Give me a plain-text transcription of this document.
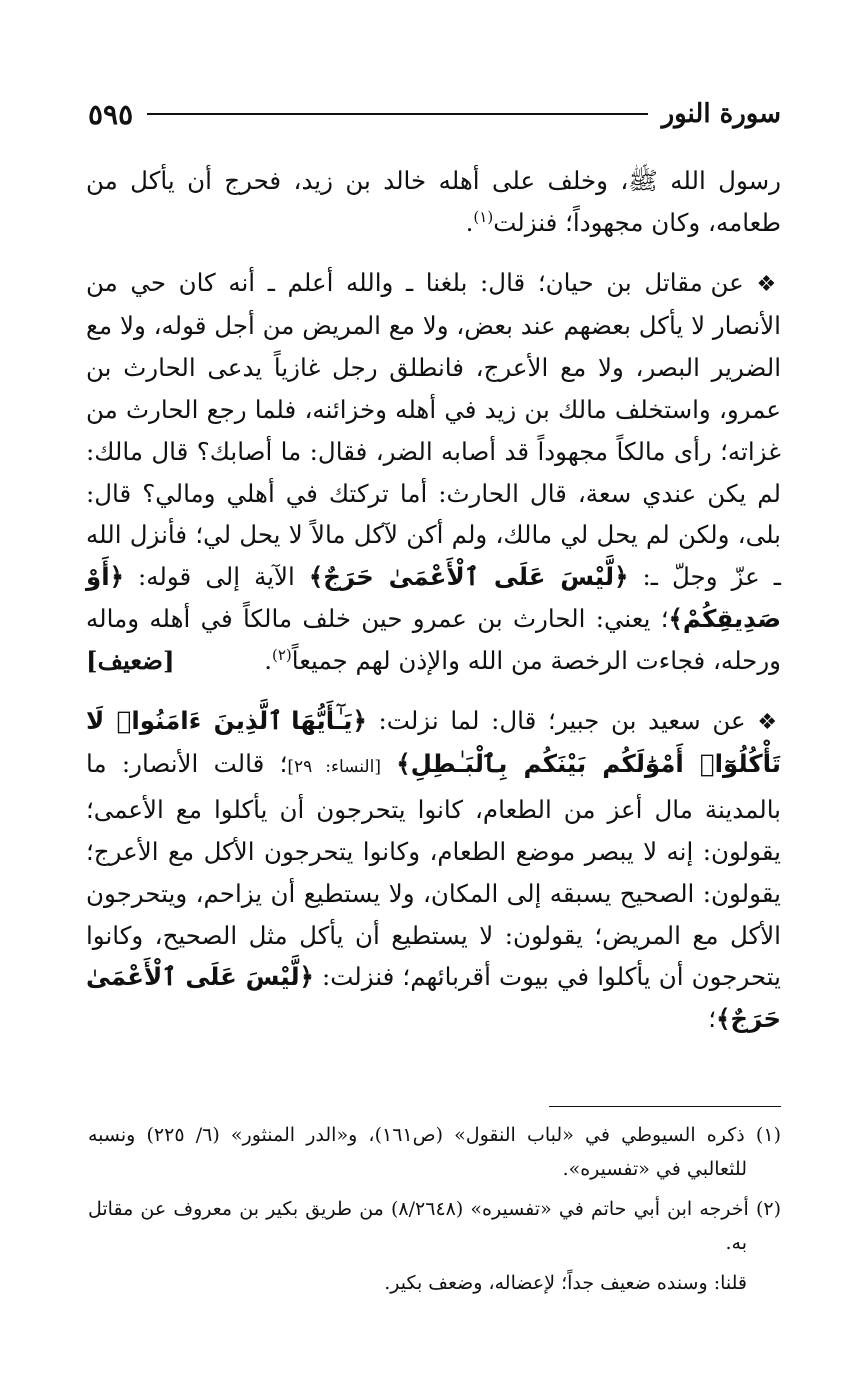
سورة النور
٥٩٥

رسول الله ﷺ، وخلف على أهله خالد بن زيد، فحرج أن يأكل من طعامه، وكان مجهوداً؛ فنزلت$^{(١)}$.

❖ عن مقاتل بن حيان؛ قال: بلغنا ـ والله أعلم ـ أنه كان حي من الأنصار لا يأكل بعضهم عند بعض، ولا مع المريض من أجل قوله، ولا مع الضرير البصر، ولا مع الأعرج، فانطلق رجل غازياً يدعى الحارث بن عمرو، واستخلف مالك بن زيد في أهله وخزائنه، فلما رجع الحارث من غزاته؛ رأى مالكاً مجهوداً قد أصابه الضر، فقال: ما أصابك؟ قال مالك: لم يكن عندي سعة، قال الحارث: أما تركتك في أهلي ومالي؟ قال: بلى، ولكن لم يحل لي مالك، ولم أكن لآكل مالاً لا يحل لي؛ فأنزل الله ـ عزّ وجلّ ـ: ﴿لَّيْسَ عَلَى ٱلْأَعْمَىٰ حَرَجٌ﴾ الآية إلى قوله: ﴿أَوْ صَدِيقِكُمْ﴾؛ يعني: الحارث بن عمرو حين خلف مالكاً في أهله وماله ورحله، فجاءت الرخصة من الله والإذن لهم جميعاً$^{(٢)}$.
[ضعيف]

❖ عن سعيد بن جبير؛ قال: لما نزلت: ﴿يَـٰٓأَيُّهَا ٱلَّذِينَ ءَامَنُوا۟ لَا تَأْكُلُوٓا۟ أَمْوَٰلَكُم بَيْنَكُم بِٱلْبَـٰطِلِ﴾ [النساء: ٢٩]؛ قالت الأنصار: ما بالمدينة مال أعز من الطعام، كانوا يتحرجون أن يأكلوا مع الأعمى؛ يقولون: إنه لا يبصر موضع الطعام، وكانوا يتحرجون الأكل مع الأعرج؛ يقولون: الصحيح يسبقه إلى المكان، ولا يستطيع أن يزاحم، ويتحرجون الأكل مع المريض؛ يقولون: لا يستطيع أن يأكل مثل الصحيح، وكانوا يتحرجون أن يأكلوا في بيوت أقربائهم؛ فنزلت: ﴿لَّيْسَ عَلَى ٱلْأَعْمَىٰ حَرَجٌ﴾؛

(١) ذكره السيوطي في «لباب النقول» (ص١٦١)، و«الدر المنثور» (٦/ ٢٢٥) ونسبه للثعالبي في «تفسيره».

(٢) أخرجه ابن أبي حاتم في «تفسيره» (٨/٢٦٤٨) من طريق بكير بن معروف عن مقاتل به.

قلنا: وسنده ضعيف جداً؛ لإعضاله، وضعف بكير.
